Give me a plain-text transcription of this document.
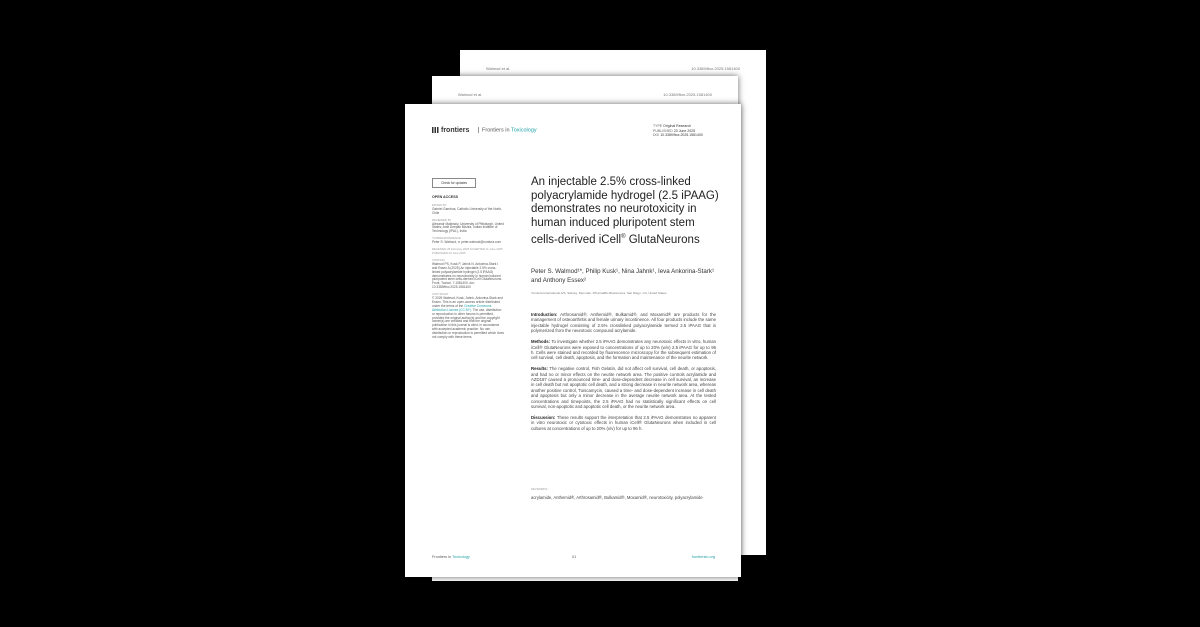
Walmod et al.	10.3389/ftox.2025.1581400
Walmod et al.	10.3389/ftox.2025.1581400
frontiers	Frontiers in Toxicology
TYPE Original Research
PUBLISHED 23 June 2025
DOI 10.3389/ftox.2025.1581400
Check for updates
OPEN ACCESS
EDITED BY

Gabriel Gamboa, Catholic University of the North, Chile

REVIEWED BY

Alexandr Malinskiy, University of Pittsburgh, United States; Amit Deepak Mishra, Indian Institute of Technology (IPAL), India

*CORRESPONDENCE

Peter S. Walmod, ✉ peter.walmod@contura.com

RECEIVED 26 February 2025 ACCEPTED 11 June 2025 PUBLISHED 23 June 2025

CITATION

Walmod PS, Kusk P, Jahnk N, Ankorina-Stark I and Essex A (2025) An injectable 2.5% cross-linked polyacrylamide hydrogel (2.5 iPAAG) demonstrates no neurotoxicity in human induced pluripotent stem cells-derived iCell GlutaNeurons. Front. Toxicol. 7:1581400. doi: 10.3389/ftox.2025.1581400

COPYRIGHT

© 2025 Walmod, Kusk, Jahnk, Ankorina-Stark and Essex. This is an open-access article distributed under the terms of the Creative Commons Attribution License (CC BY). The use, distribution or reproduction in other forums is permitted, provided the original author(s) and the copyright owner(s) are credited and that the original publication in this journal is cited, in accordance with accepted academic practice. No use, distribution or reproduction is permitted which does not comply with these terms.

An injectable 2.5% cross-linked polyacrylamide hydrogel (2.5 iPAAG) demonstrates no neurotoxicity in human induced pluripotent stem cells-derived iCell® GlutaNeurons

Peter S. Walmod¹*, Philip Kusk¹, Nina Jahnk¹, Ieva Ankorina-Stark¹ and Anthony Essex²

¹Contura International A/S, Søborg, Denmark, ²PharmaBio Biosciences, San Diego, CA, United States

Introduction: Arthrosamid®, Anthemid®, Bulkamid®, and Moxamid® are products for the management of osteoarthritis and female urinary incontinence. All four products include the same injectable hydrogel consisting of 2.5% crosslinked polyacrylamide termed 2.5 iPAAG that is polymerized from the neurotoxic compound acrylamide.

Methods: To investigate whether 2.5 iPAAG demonstrates any neurotoxic effects in vitro, human iCell® GlutaNeurons were exposed to concentrations of up to 20% (w/v) 2.5 iPAAG for up to 96 h. Cells were stained and recorded by fluorescence microscopy for the subsequent estimation of cell survival, cell death, apoptosis, and the formation and maintenance of the neurite network.

Results: The negative control, Fish Gelatin, did not affect cell survival, cell death, or apoptosis, and had no or minor effects on the neurite network area. The positive controls acrylamide and AZD187 caused a pronounced time- and dose-dependent decrease in cell survival, an increase in cell death but not apoptotic cell death, and a strong decrease in neurite network area, whereas another positive control, Tunicamycin, caused a time- and dose-dependent increase in cell death and apoptosis but only a minor decrease in the average neurite network area. At the tested concentrations and timepoints, the 2.5 iPAAG had no statistically significant effects on cell survival, non-apoptotic and apoptotic cell death, or the neurite network area.

Discussion: These results support the interpretation that 2.5 iPAAG demonstrates no apparent in vitro neurotoxic or cytotoxic effects in human iCell® GlutaNeurons when included in cell cultures at concentrations of up to 20% (v/v) for up to 96 h.

KEYWORDS
acrylamide, Anthemid®, Arthrosamid®, Bulkamid®, Moxamid®, neurotoxicity, polyacrylamide
Frontiers in Toxicology	01	frontiersin.org
